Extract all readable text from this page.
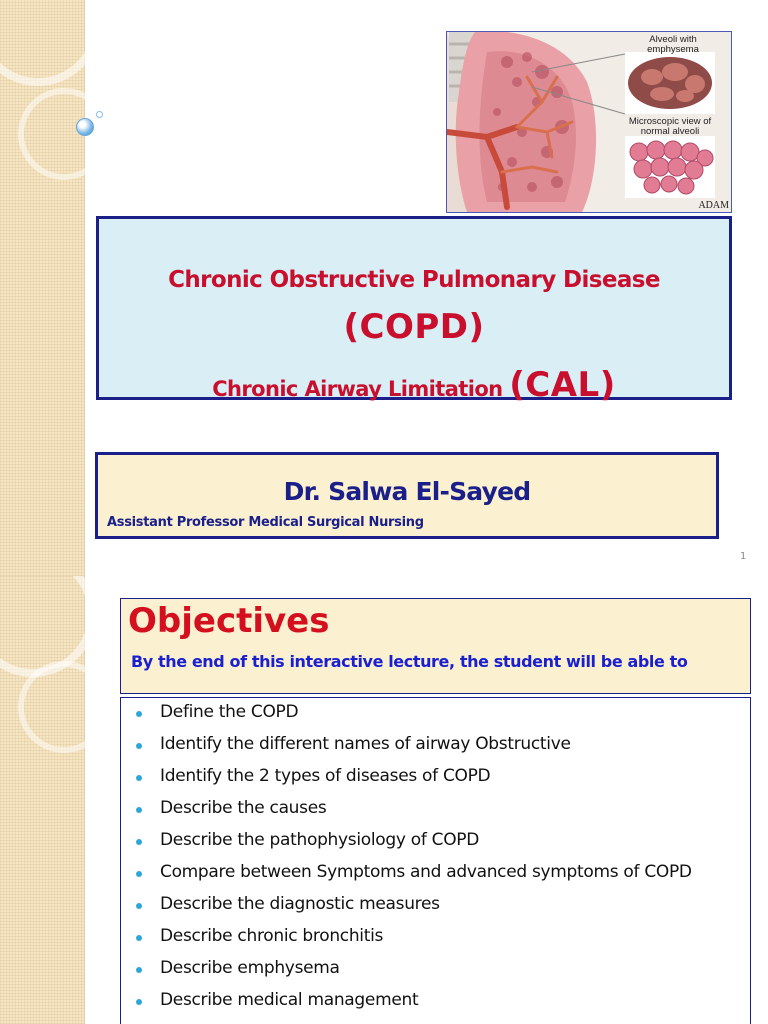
Alveoli with emphysema
Microscopic view of normal alveoli
ADAM
Chronic Obstructive Pulmonary Disease
(COPD)
Chronic Airway Limitation (CAL)
Dr. Salwa El-Sayed
Assistant Professor Medical Surgical Nursing
1
Objectives
By the end of this interactive lecture, the student will be able to
Define the COPD
Identify the different names of airway Obstructive
Identify the 2 types of diseases of COPD
Describe the causes
Describe the pathophysiology of COPD
Compare between Symptoms and advanced symptoms of COPD
Describe the diagnostic measures
Describe chronic bronchitis
Describe emphysema
Describe medical management
